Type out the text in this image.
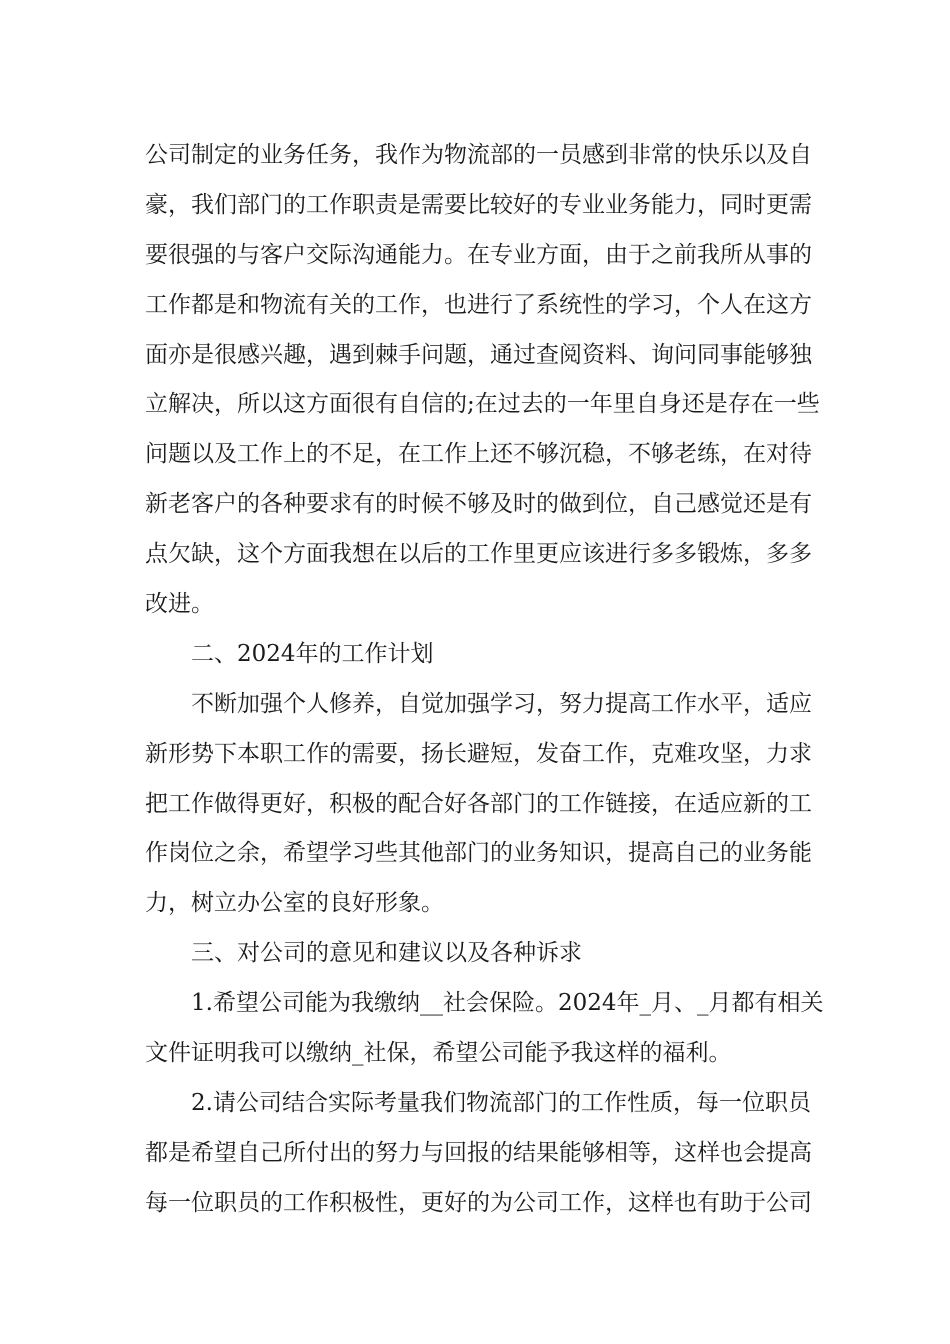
公司制定的业务任务，我作为物流部的一员感到非常的快乐以及自
豪，我们部门的工作职责是需要比较好的专业业务能力，同时更需
要很强的与客户交际沟通能力。在专业方面，由于之前我所从事的
工作都是和物流有关的工作，也进行了系统性的学习，个人在这方
面亦是很感兴趣，遇到棘手问题，通过查阅资料、询问同事能够独
立解决，所以这方面很有自信的;在过去的一年里自身还是存在一些
问题以及工作上的不足，在工作上还不够沉稳，不够老练，在对待
新老客户的各种要求有的时候不够及时的做到位，自己感觉还是有
点欠缺，这个方面我想在以后的工作里更应该进行多多锻炼，多多
改进。
二、2024年的工作计划
不断加强个人修养，自觉加强学习，努力提高工作水平，适应
新形势下本职工作的需要，扬长避短，发奋工作，克难攻坚，力求
把工作做得更好，积极的配合好各部门的工作链接，在适应新的工
作岗位之余，希望学习些其他部门的业务知识，提高自己的业务能
力，树立办公室的良好形象。
三、对公司的意见和建议以及各种诉求
1.希望公司能为我缴纳__社会保险。2024年_月、_月都有相关
文件证明我可以缴纳_社保，希望公司能予我这样的福利。
2.请公司结合实际考量我们物流部门的工作性质，每一位职员
都是希望自己所付出的努力与回报的结果能够相等，这样也会提高
每一位职员的工作积极性，更好的为公司工作，这样也有助于公司
